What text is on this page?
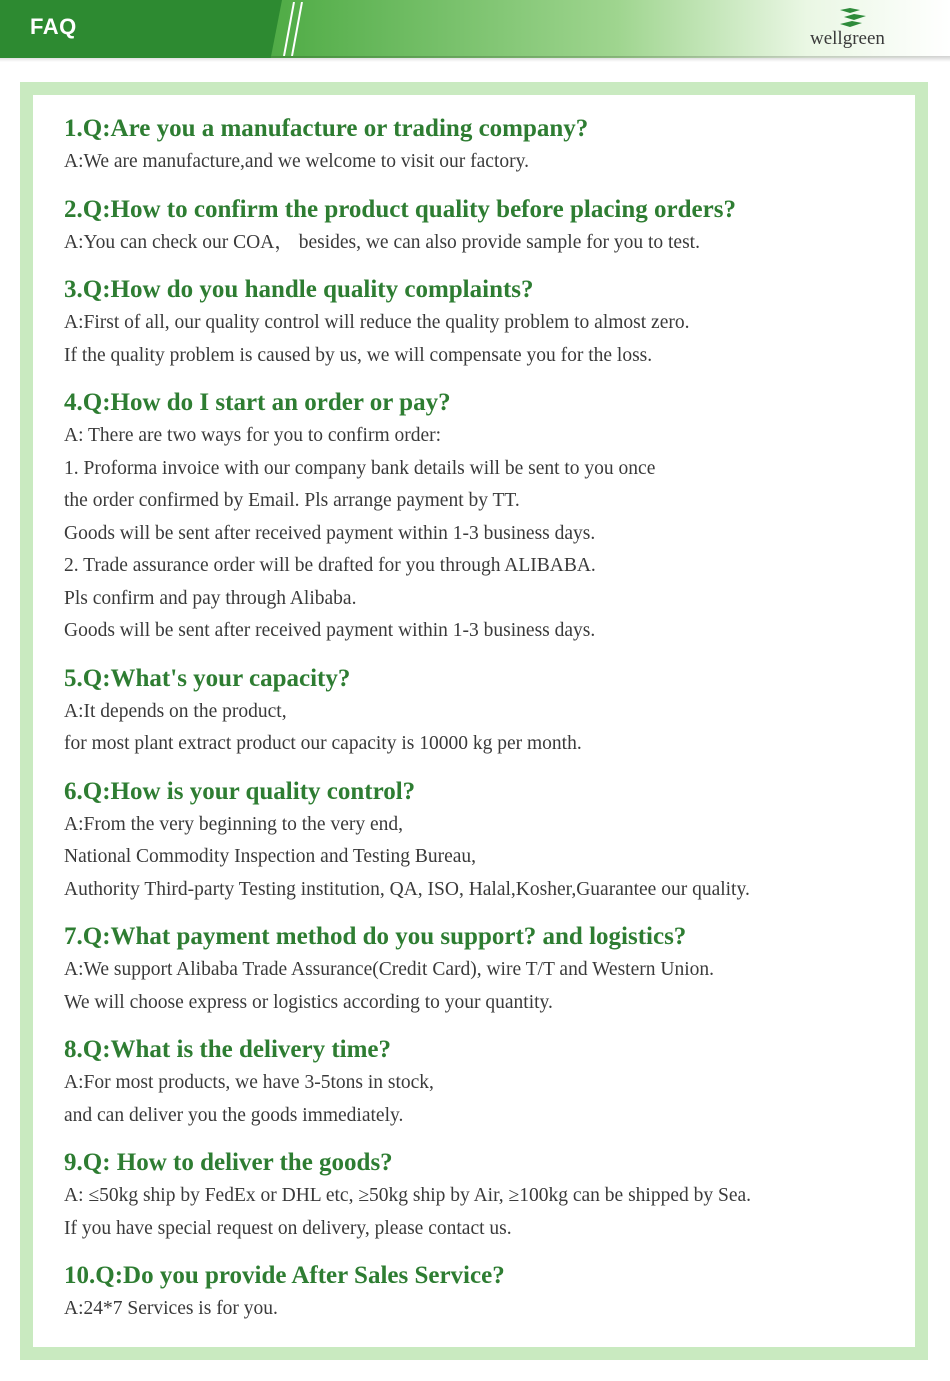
FAQ	wellgreen

1.Q:Are you a manufacture or trading company?

A:We are manufacture,and we welcome to visit our factory.

2.Q:How to confirm the product quality before placing orders?

A:You can check our COA， besides, we can also provide sample for you to test.

3.Q:How do you handle quality complaints?

A:First of all, our quality control will reduce the quality problem to almost zero.

If the quality problem is caused by us, we will compensate you for the loss.

4.Q:How do I start an order or pay?

A: There are two ways for you to confirm order:

1. Proforma invoice with our company bank details will be sent to you once

the order confirmed by Email. Pls arrange payment by TT.

Goods will be sent after received payment within 1-3 business days.

2. Trade assurance order will be drafted for you through ALIBABA.

Pls confirm and pay through Alibaba.

Goods will be sent after received payment within 1-3 business days.

5.Q:What's your capacity?

A:It depends on the product,

for most plant extract product our capacity is 10000 kg per month.

6.Q:How is your quality control?

A:From the very beginning to the very end,

National Commodity Inspection and Testing Bureau,

Authority Third-party Testing institution, QA, ISO, Halal,Kosher,Guarantee our quality.

7.Q:What payment method do you support? and logistics?

A:We support Alibaba Trade Assurance(Credit Card), wire T/T and Western Union.

We will choose express or logistics according to your quantity.

8.Q:What is the delivery time?

A:For most products, we have 3-5tons in stock,

and can deliver you the goods immediately.

9.Q: How to deliver the goods?

A: ≤50kg ship by FedEx or DHL etc, ≥50kg ship by Air, ≥100kg can be shipped by Sea.

If you have special request on delivery, please contact us.

10.Q:Do you provide After Sales Service?

A:24*7 Services is for you.
